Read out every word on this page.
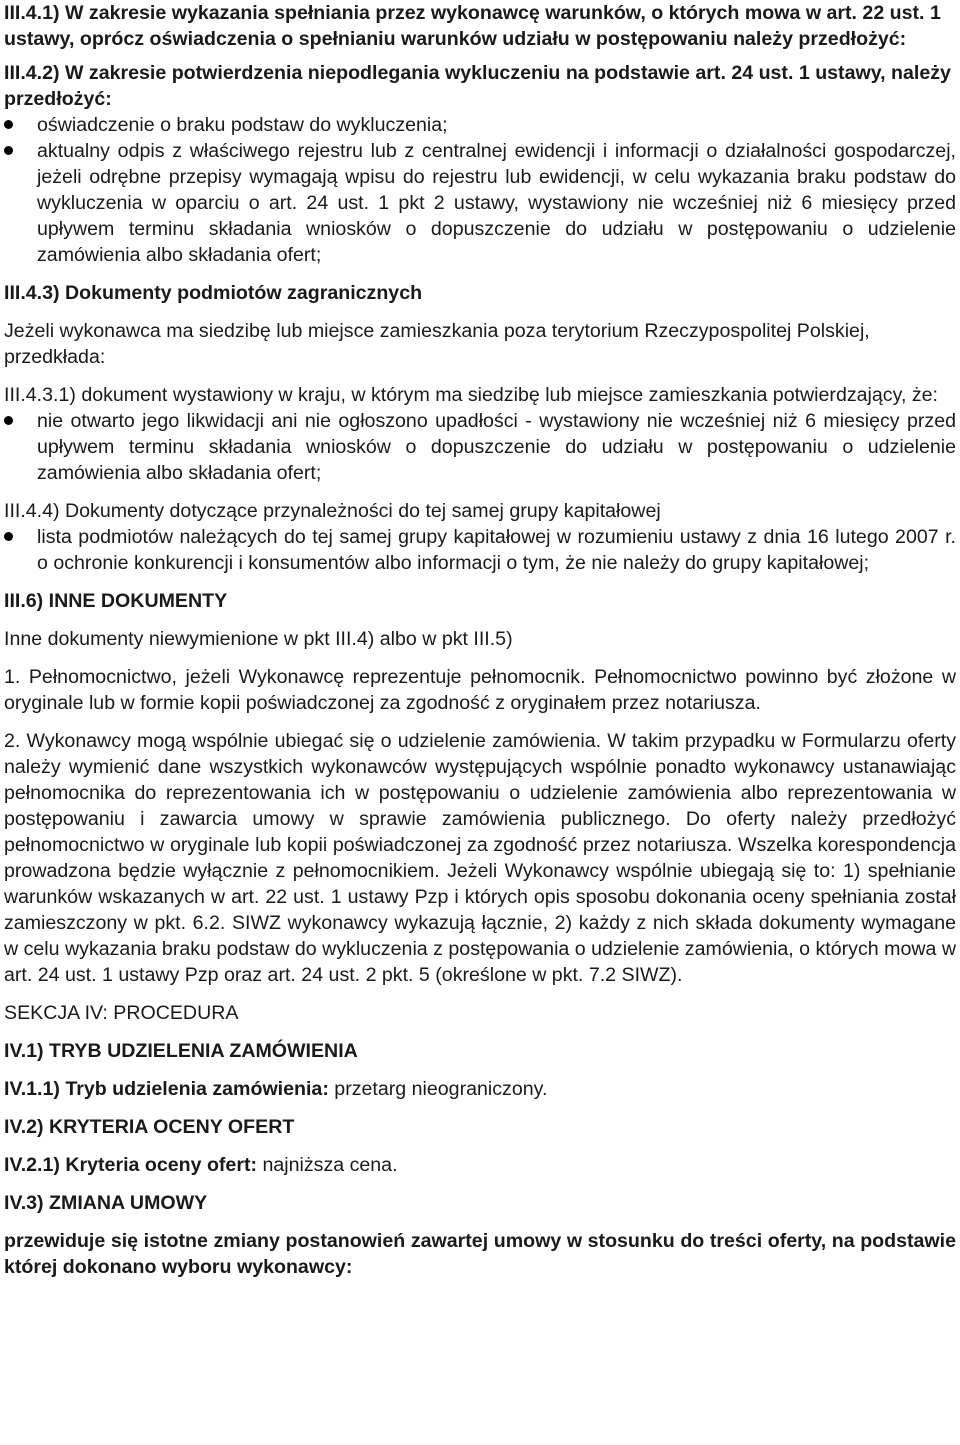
III.4.1) W zakresie wykazania spełniania przez wykonawcę warunków, o których mowa w art. 22 ust. 1 ustawy, oprócz oświadczenia o spełnianiu warunków udziału w postępowaniu należy przedłożyć:

III.4.2) W zakresie potwierdzenia niepodlegania wykluczeniu na podstawie art. 24 ust. 1 ustawy, należy przedłożyć:

oświadczenie o braku podstaw do wykluczenia;
aktualny odpis z właściwego rejestru lub z centralnej ewidencji i informacji o działalności gospodarczej, jeżeli odrębne przepisy wymagają wpisu do rejestru lub ewidencji, w celu wykazania braku podstaw do wykluczenia w oparciu o art. 24 ust. 1 pkt 2 ustawy, wystawiony nie wcześniej niż 6 miesięcy przed upływem terminu składania wniosków o dopuszczenie do udziału w postępowaniu o udzielenie zamówienia albo składania ofert;

III.4.3) Dokumenty podmiotów zagranicznych

Jeżeli wykonawca ma siedzibę lub miejsce zamieszkania poza terytorium Rzeczypospolitej Polskiej, przedkłada:

III.4.3.1) dokument wystawiony w kraju, w którym ma siedzibę lub miejsce zamieszkania potwierdzający, że:

nie otwarto jego likwidacji ani nie ogłoszono upadłości - wystawiony nie wcześniej niż 6 miesięcy przed upływem terminu składania wniosków o dopuszczenie do udziału w postępowaniu o udzielenie zamówienia albo składania ofert;

III.4.4) Dokumenty dotyczące przynależności do tej samej grupy kapitałowej

lista podmiotów należących do tej samej grupy kapitałowej w rozumieniu ustawy z dnia 16 lutego 2007 r. o ochronie konkurencji i konsumentów albo informacji o tym, że nie należy do grupy kapitałowej;

III.6) INNE DOKUMENTY

Inne dokumenty niewymienione w pkt III.4) albo w pkt III.5)

1. Pełnomocnictwo, jeżeli Wykonawcę reprezentuje pełnomocnik. Pełnomocnictwo powinno być złożone w oryginale lub w formie kopii poświadczonej za zgodność z oryginałem przez notariusza.

2. Wykonawcy mogą wspólnie ubiegać się o udzielenie zamówienia. W takim przypadku w Formularzu oferty należy wymienić dane wszystkich wykonawców występujących wspólnie ponadto wykonawcy ustanawiając pełnomocnika do reprezentowania ich w postępowaniu o udzielenie zamówienia albo reprezentowania w postępowaniu i zawarcia umowy w sprawie zamówienia publicznego. Do oferty należy przedłożyć pełnomocnictwo w oryginale lub kopii poświadczonej za zgodność przez notariusza. Wszelka korespondencja prowadzona będzie wyłącznie z pełnomocnikiem. Jeżeli Wykonawcy wspólnie ubiegają się to: 1) spełnianie warunków wskazanych w art. 22 ust. 1 ustawy Pzp i których opis sposobu dokonania oceny spełniania został zamieszczony w pkt. 6.2. SIWZ wykonawcy wykazują łącznie, 2) każdy z nich składa dokumenty wymagane w celu wykazania braku podstaw do wykluczenia z postępowania o udzielenie zamówienia, o których mowa w art. 24 ust. 1 ustawy Pzp oraz art. 24 ust. 2 pkt. 5 (określone w pkt. 7.2 SIWZ).

SEKCJA IV: PROCEDURA

IV.1) TRYB UDZIELENIA ZAMÓWIENIA

IV.1.1) Tryb udzielenia zamówienia: przetarg nieograniczony.

IV.2) KRYTERIA OCENY OFERT

IV.2.1) Kryteria oceny ofert: najniższa cena.

IV.3) ZMIANA UMOWY

przewiduje się istotne zmiany postanowień zawartej umowy w stosunku do treści oferty, na podstawie której dokonano wyboru wykonawcy:
